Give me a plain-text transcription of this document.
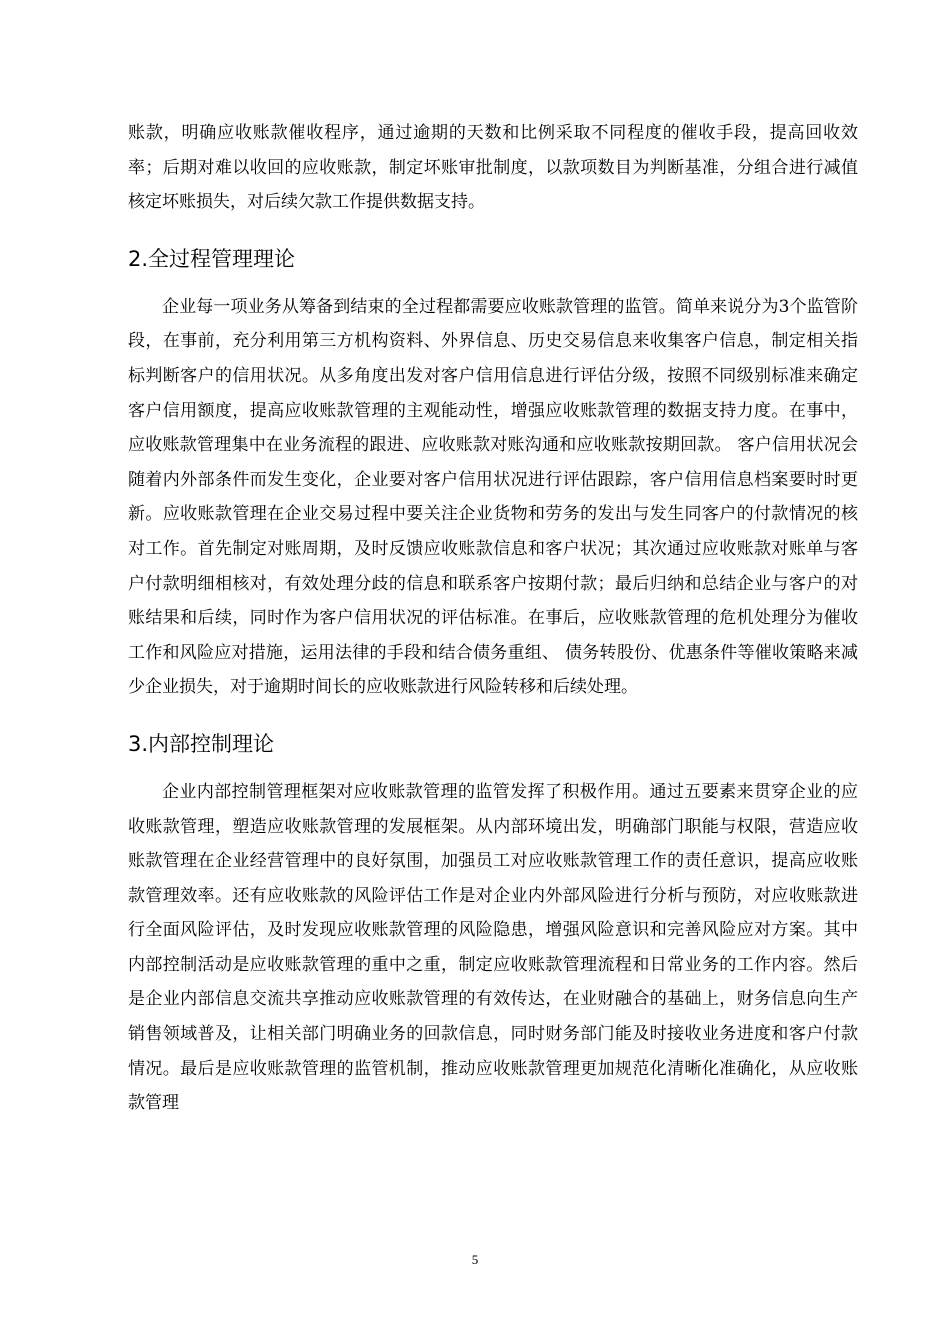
账款，明确应收账款催收程序，通过逾期的天数和比例采取不同程度的催收手段，提高回收效率；后期对难以收回的应收账款，制定坏账审批制度，以款项数目为判断基准，分组合进行减值核定坏账损失，对后续欠款工作提供数据支持。

2.全过程管理理论

企业每一项业务从筹备到结束的全过程都需要应收账款管理的监管。简单来说分为3个监管阶段，在事前，充分利用第三方机构资料、外界信息、历史交易信息来收集客户信息，制定相关指标判断客户的信用状况。从多角度出发对客户信用信息进行评估分级，按照不同级别标准来确定客户信用额度，提高应收账款管理的主观能动性，增强应收账款管理的数据支持力度。在事中，应收账款管理集中在业务流程的跟进、应收账款对账沟通和应收账款按期回款。 客户信用状况会随着内外部条件而发生变化，企业要对客户信用状况进行评估跟踪，客户信用信息档案要时时更新。应收账款管理在企业交易过程中要关注企业货物和劳务的发出与发生同客户的付款情况的核对工作。首先制定对账周期，及时反馈应收账款信息和客户状况；其次通过应收账款对账单与客户付款明细相核对，有效处理分歧的信息和联系客户按期付款；最后归纳和总结企业与客户的对账结果和后续，同时作为客户信用状况的评估标准。在事后，应收账款管理的危机处理分为催收工作和风险应对措施，运用法律的手段和结合债务重组、 债务转股份、优惠条件等催收策略来减少企业损失，对于逾期时间长的应收账款进行风险转移和后续处理。

3.内部控制理论

企业内部控制管理框架对应收账款管理的监管发挥了积极作用。通过五要素来贯穿企业的应收账款管理，塑造应收账款管理的发展框架。从内部环境出发，明确部门职能与权限，营造应收账款管理在企业经营管理中的良好氛围，加强员工对应收账款管理工作的责任意识，提高应收账款管理效率。还有应收账款的风险评估工作是对企业内外部风险进行分析与预防，对应收账款进行全面风险评估，及时发现应收账款管理的风险隐患，增强风险意识和完善风险应对方案。其中内部控制活动是应收账款管理的重中之重，制定应收账款管理流程和日常业务的工作内容。然后是企业内部信息交流共享推动应收账款管理的有效传达，在业财融合的基础上，财务信息向生产销售领域普及，让相关部门明确业务的回款信息，同时财务部门能及时接收业务进度和客户付款情况。最后是应收账款管理的监管机制，推动应收账款管理更加规范化清晰化准确化，从应收账款管理

5
